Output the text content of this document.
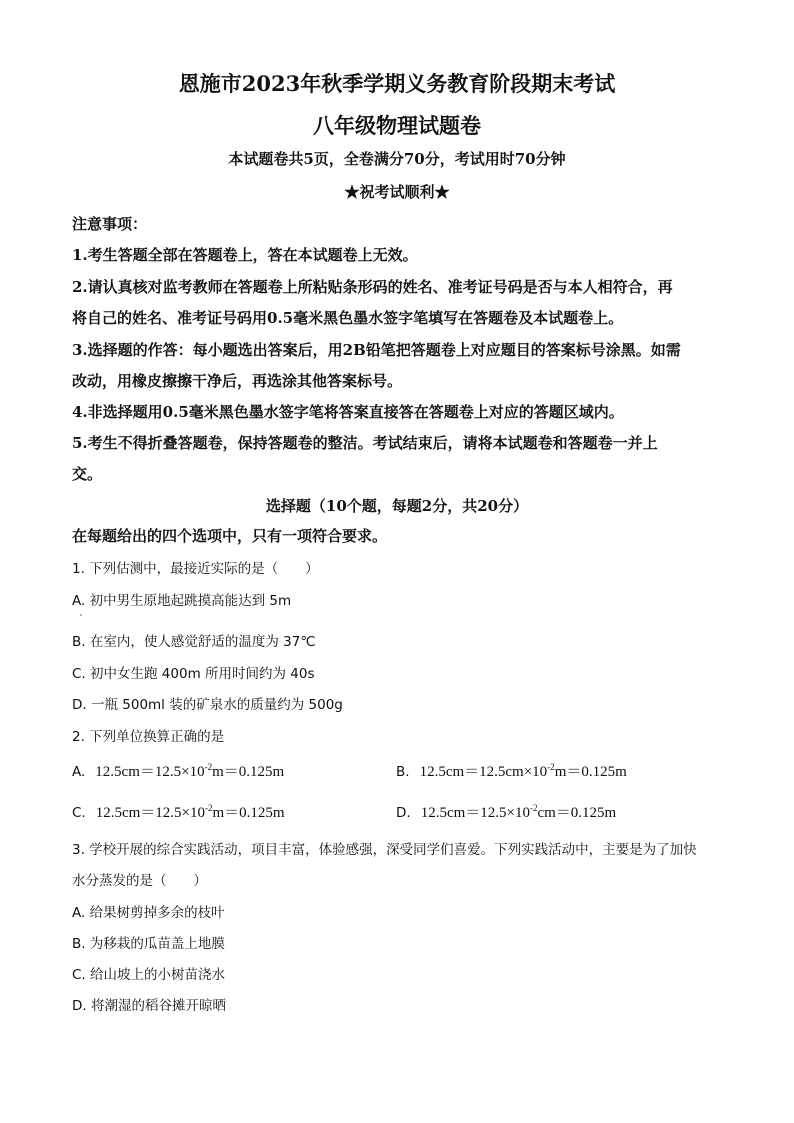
恩施市2023年秋季学期义务教育阶段期末考试
八年级物理试题卷
本试题卷共5页，全卷满分70分，考试用时70分钟
★祝考试顺利★
注意事项：
1.考生答题全部在答题卷上，答在本试题卷上无效。
2.请认真核对监考教师在答题卷上所粘贴条形码的姓名、准考证号码是否与本人相符合，再
将自己的姓名、准考证号码用0.5毫米黑色墨水签字笔填写在答题卷及本试题卷上。
3.选择题的作答：每小题选出答案后，用2B铅笔把答题卷上对应题目的答案标号涂黑。如需
改动，用橡皮擦擦干净后，再选涂其他答案标号。
4.非选择题用0.5毫米黑色墨水签字笔将答案直接答在答题卷上对应的答题区域内。
5.考生不得折叠答题卷，保持答题卷的整洁。考试结束后，请将本试题卷和答题卷一并上
交。
选择题（10个题，每题2分，共20分）
在每题给出的四个选项中，只有一项符合要求。
1. 下列估测中，最接近实际的是（　　）
A. 初中男生原地起跳摸高能达到 5m
B. 在室内，使人感觉舒适的温度为 37℃
C. 初中女生跑 400m 所用时间约为 40s
D. 一瓶 500ml 装的矿泉水的质量约为 500g
2. 下列单位换算正确的是
A. $12.5cm=12.5\times 10^{-2}m=0.125m$	B. $12.5cm=12.5cm\times 10^{-2}m=0.125m$
C. $12.5cm=12.5\times 10^{-2}m=0.125m$	D. $12.5cm=12.5\times 10^{-2}cm=0.125m$
3. 学校开展的综合实践活动，项目丰富，体验感强，深受同学们喜爱。下列实践活动中，主要是为了加快
水分蒸发的是（　　）
A. 给果树剪掉多余的枝叶
B. 为移栽的瓜苗盖上地膜
C. 给山坡上的小树苗浇水
D. 将潮湿的稻谷摊开晾晒
